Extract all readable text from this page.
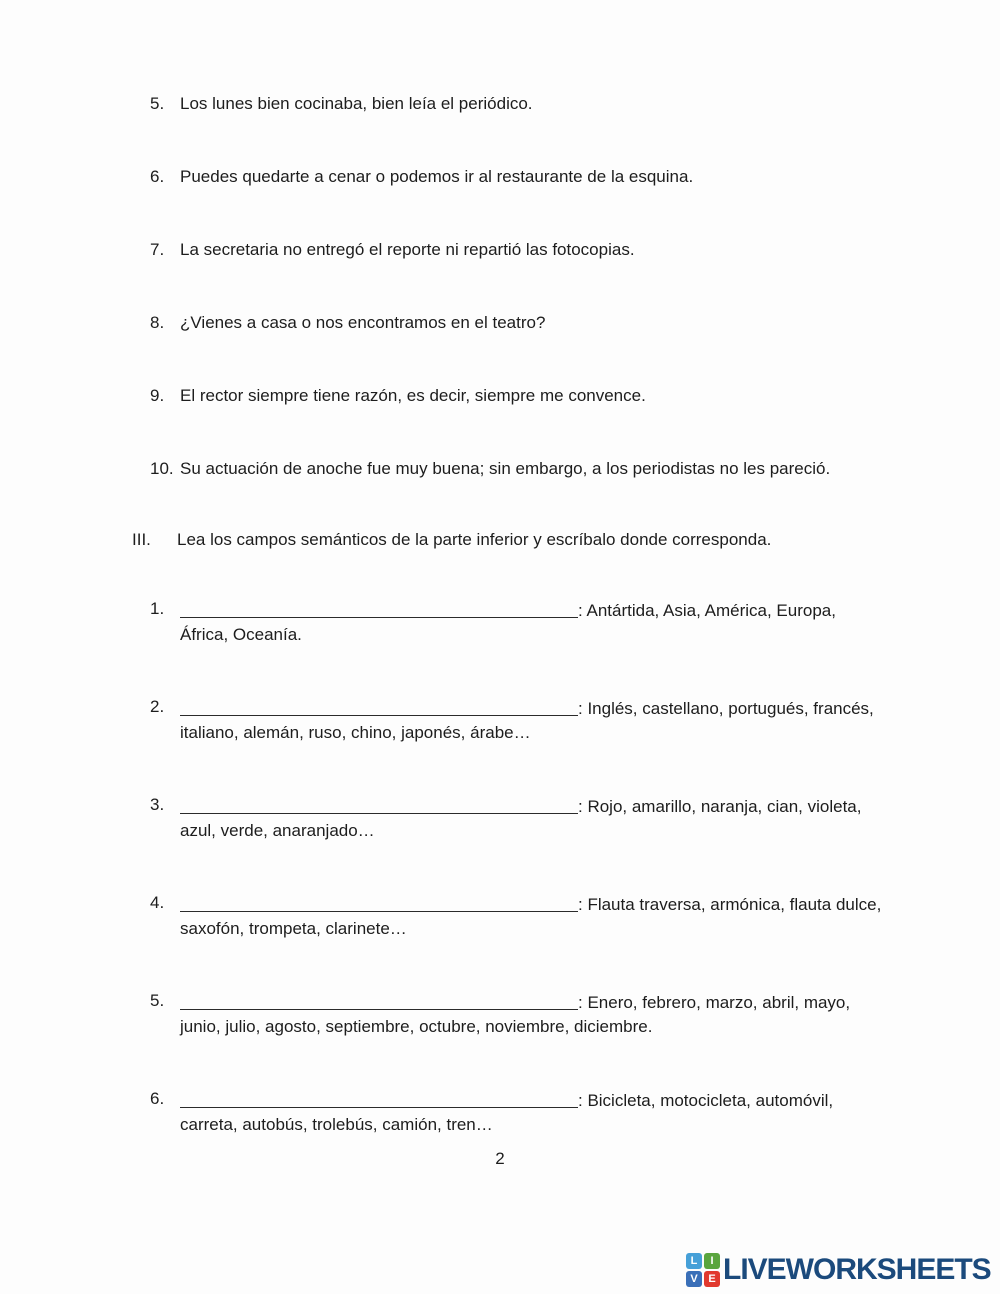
5. Los lunes bien cocinaba, bien leía el periódico.
6. Puedes quedarte a cenar o podemos ir al restaurante de la esquina.
7. La secretaria no entregó el reporte ni repartió las fotocopias.
8. ¿Vienes a casa o nos encontramos en el teatro?
9. El rector siempre tiene razón, es decir, siempre me convence.
10. Su actuación de anoche fue muy buena; sin embargo, a los periodistas no les pareció.
III. Lea los campos semánticos de la parte inferior y escríbalo donde corresponda.
1.	: Antártida, Asia, América, Europa,
África, Oceanía.
2.	: Inglés, castellano, portugués, francés,
italiano, alemán, ruso, chino, japonés, árabe…
3.	: Rojo, amarillo, naranja, cian, violeta,
azul, verde, anaranjado…
4.	: Flauta traversa, armónica, flauta dulce,
saxofón, trompeta, clarinete…
5.	: Enero, febrero, marzo, abril, mayo,
junio, julio, agosto, septiembre, octubre, noviembre, diciembre.
6.	: Bicicleta, motocicleta, automóvil,
carreta, autobús, trolebús, camión, tren…
2
L	I
V E LIVEWORKSHEETS
